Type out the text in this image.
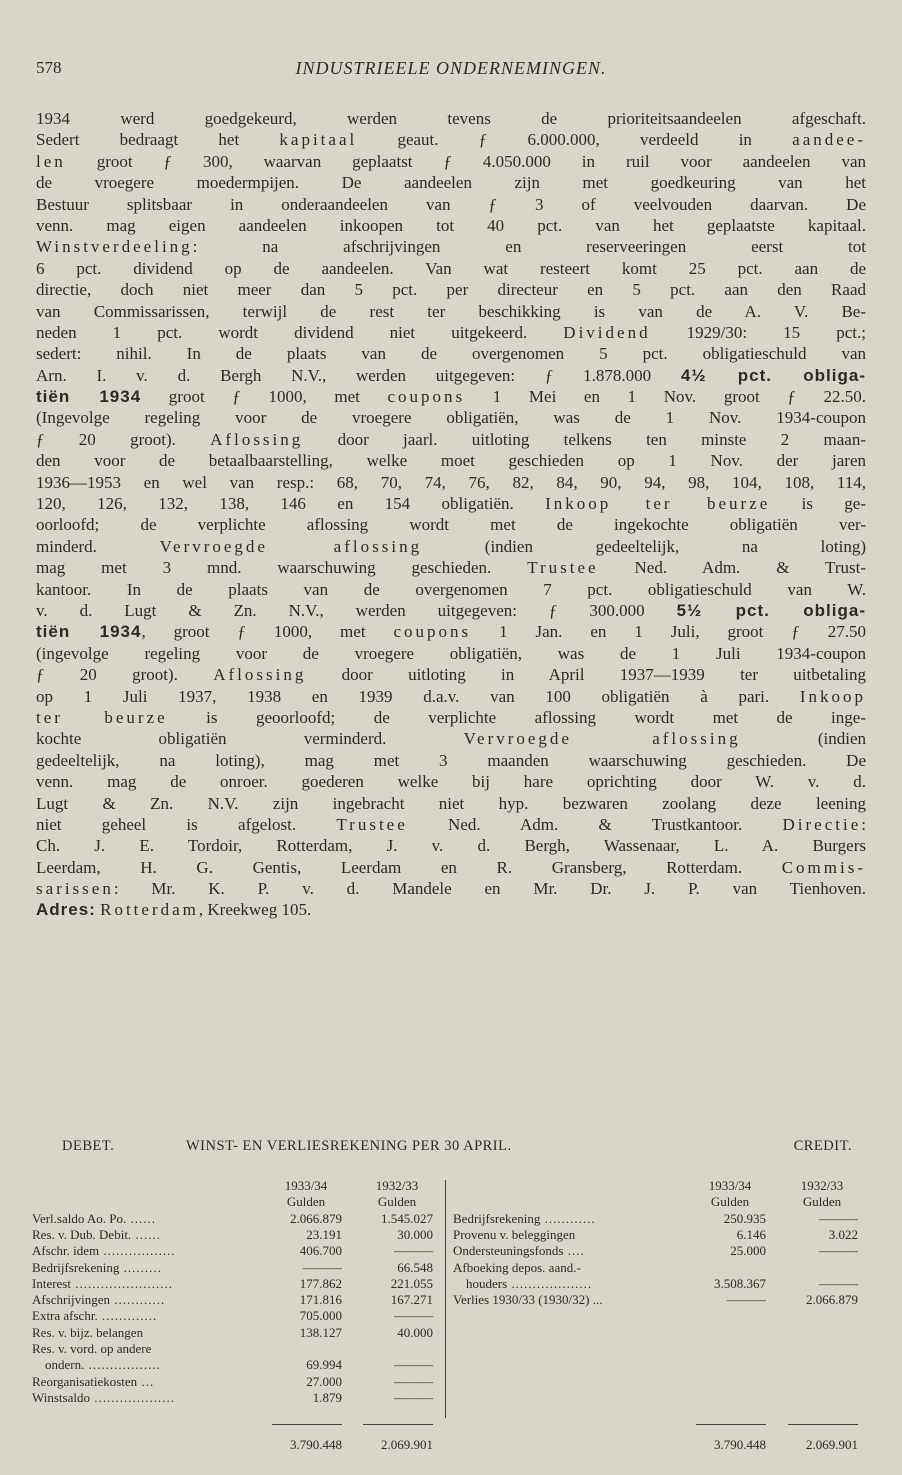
578	INDUSTRIEELE ONDERNEMINGEN.
1934 werd goedgekeurd, werden tevens de prioriteitsaandeelen afgeschaft.
Sedert bedraagt het kapitaal geaut. ƒ 6.000.000, verdeeld in aandee-
len groot ƒ 300, waarvan geplaatst ƒ 4.050.000 in ruil voor aandeelen van
de vroegere moedermpijen. De aandeelen zijn met goedkeuring van het
Bestuur splitsbaar in onderaandeelen van ƒ 3 of veelvouden daarvan. De
venn. mag eigen aandeelen inkoopen tot 40 pct. van het geplaatste kapitaal.
Winstverdeeling: na afschrijvingen en reserveeringen eerst tot
6 pct. dividend op de aandeelen. Van wat resteert komt 25 pct. aan de
directie, doch niet meer dan 5 pct. per directeur en 5 pct. aan den Raad
van Commissarissen, terwijl de rest ter beschikking is van de A. V. Be-
neden 1 pct. wordt dividend niet uitgekeerd. Dividend 1929/30: 15 pct.;
sedert: nihil. In de plaats van de overgenomen 5 pct. obligatieschuld van
Arn. I. v. d. Bergh N.V., werden uitgegeven: ƒ 1.878.000 4½ pct. obliga-
tiën 1934 groot ƒ 1000, met coupons 1 Mei en 1 Nov. groot ƒ 22.50.
(Ingevolge regeling voor de vroegere obligatiën, was de 1 Nov. 1934-coupon
ƒ 20 groot). Aflossing door jaarl. uitloting telkens ten minste 2 maan-
den voor de betaalbaarstelling, welke moet geschieden op 1 Nov. der jaren
1936—1953 en wel van resp.: 68, 70, 74, 76, 82, 84, 90, 94, 98, 104, 108, 114,
120, 126, 132, 138, 146 en 154 obligatiën. Inkoop ter beurze is ge-
oorloofd; de verplichte aflossing wordt met de ingekochte obligatiën ver-
minderd. Vervroegde aflossing (indien gedeeltelijk, na loting)
mag met 3 mnd. waarschuwing geschieden. Trustee Ned. Adm. & Trust-
kantoor. In de plaats van de overgenomen 7 pct. obligatieschuld van W.
v. d. Lugt & Zn. N.V., werden uitgegeven: ƒ 300.000 5½ pct. obliga-
tiën 1934, groot ƒ 1000, met coupons 1 Jan. en 1 Juli, groot ƒ 27.50
(ingevolge regeling voor de vroegere obligatiën, was de 1 Juli 1934-coupon
ƒ 20 groot). Aflossing door uitloting in April 1937—1939 ter uitbetaling
op 1 Juli 1937, 1938 en 1939 d.a.v. van 100 obligatiën à pari. Inkoop
ter beurze is geoorloofd; de verplichte aflossing wordt met de inge-
kochte obligatiën verminderd. Vervroegde aflossing (indien
gedeeltelijk, na loting), mag met 3 maanden waarschuwing geschieden. De
venn. mag de onroer. goederen welke bij hare oprichting door W. v. d.
Lugt & Zn. N.V. zijn ingebracht niet hyp. bezwaren zoolang deze leening
niet geheel is afgelost. Trustee Ned. Adm. & Trustkantoor. Directie:
Ch. J. E. Tordoir, Rotterdam, J. v. d. Bergh, Wassenaar, L. A. Burgers
Leerdam, H. G. Gentis, Leerdam en R. Gransberg, Rotterdam. Commis-
sarissen: Mr. K. P. v. d. Mandele en Mr. Dr. J. P. van Tienhoven.
Adres: Rotterdam, Kreekweg 105.
DEBET.	WINST- EN VERLIESREKENING PER 30 APRIL.	CREDIT.
1933/34	1932/33
Gulden	Gulden
1933/34	1932/33
Gulden	Gulden
Verl.saldo Ao. Po. ......	2.066.879	1.545.027
Res. v. Dub. Debit. ......	23.191	30.000
Afschr. idem .................	406.700	———
Bedrijfsrekening .........	———	66.548
Interest .......................	177.862	221.055
Afschrijvingen ............	171.816	167.271
Extra afschr. .............	705.000	———
Res. v. bijz. belangen	138.127	40.000
Res. v. vord. op andere
ondern. .................	69.994	———
Reorganisatiekosten ...	27.000	———
Winstsaldo ...................	1.879	———
Bedrijfsrekening ............	250.935	———
Provenu v. beleggingen	6.146	3.022
Ondersteuningsfonds ....	25.000	———
Afboeking depos. aand.-
houders ...................	3.508.367	———
Verlies 1930/33 (1930/32) ...	———	2.066.879
3.790.448	2.069.901	3.790.448	2.069.901
